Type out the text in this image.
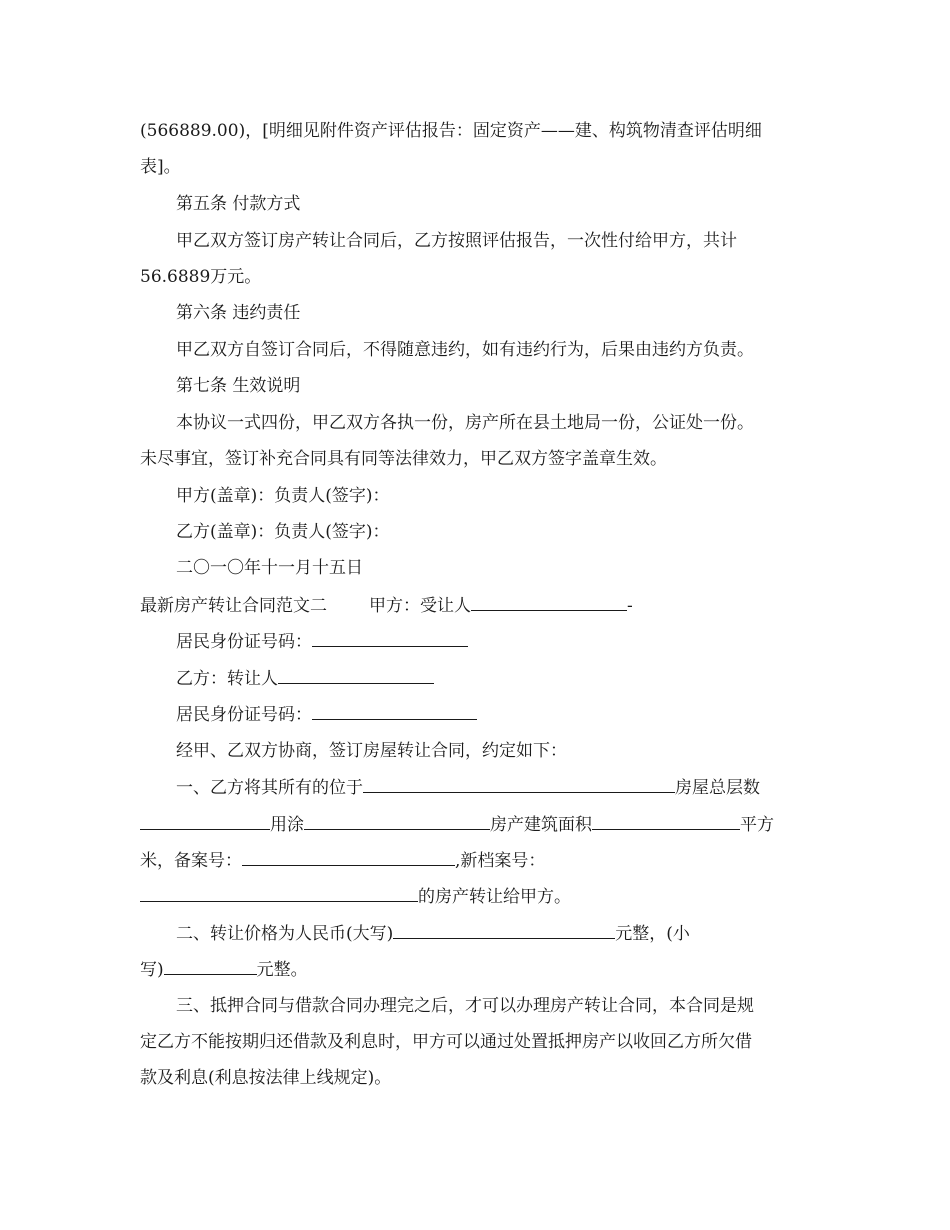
(566889.00)，[明细见附件资产评估报告：固定资产——建、构筑物清查评估明细
表]。
第五条 付款方式
甲乙双方签订房产转让合同后，乙方按照评估报告，一次性付给甲方，共计
56.6889万元。
第六条 违约责任
甲乙双方自签订合同后，不得随意违约，如有违约行为，后果由违约方负责。
第七条 生效说明
本协议一式四份，甲乙双方各执一份，房产所在县土地局一份，公证处一份。
未尽事宜，签订补充合同具有同等法律效力，甲乙双方签字盖章生效。
甲方(盖章)：负责人(签字)：
乙方(盖章)：负责人(签字)：
二〇一〇年十一月十五日
最新房产转让合同范文二 甲方：受让人	-
居民身份证号码：
乙方：转让人
居民身份证号码：
经甲、乙双方协商，签订房屋转让合同，约定如下：
一、乙方将其所有的位于	房屋总层数
用涂	房产建筑面积	平方
米，备案号：	,新档案号：
的房产转让给甲方。
二、转让价格为人民币(大写)	元整，(小
写)	元整。
三、抵押合同与借款合同办理完之后，才可以办理房产转让合同，本合同是规
定乙方不能按期归还借款及利息时，甲方可以通过处置抵押房产以收回乙方所欠借
款及利息(利息按法律上线规定)。
